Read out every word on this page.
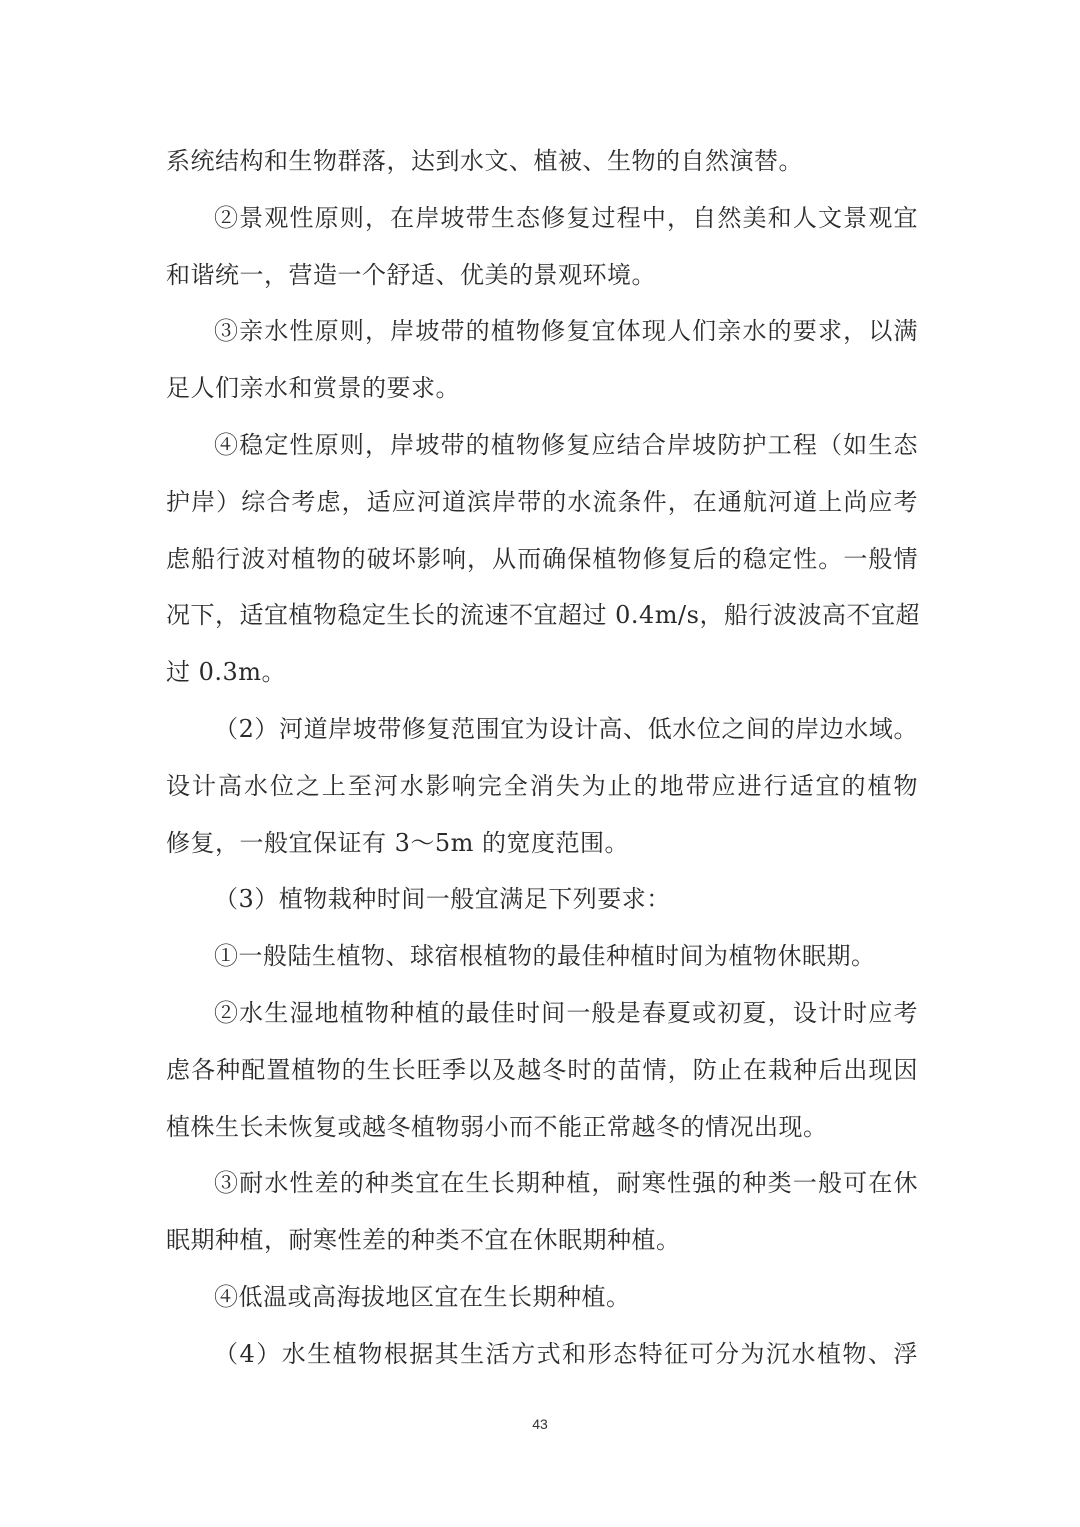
系统结构和生物群落，达到水文、植被、生物的自然演替。
②景观性原则，在岸坡带生态修复过程中，自然美和人文景观宜
和谐统一，营造一个舒适、优美的景观环境。
③亲水性原则，岸坡带的植物修复宜体现人们亲水的要求，以满
足人们亲水和赏景的要求。
④稳定性原则，岸坡带的植物修复应结合岸坡防护工程（如生态
护岸）综合考虑，适应河道滨岸带的水流条件，在通航河道上尚应考
虑船行波对植物的破坏影响，从而确保植物修复后的稳定性。一般情
况下，适宜植物稳定生长的流速不宜超过 0.4m/s，船行波波高不宜超
过 0.3m。
（2）河道岸坡带修复范围宜为设计高、低水位之间的岸边水域。
设计高水位之上至河水影响完全消失为止的地带应进行适宜的植物
修复，一般宜保证有 3～5m 的宽度范围。
（3）植物栽种时间一般宜满足下列要求：
①一般陆生植物、球宿根植物的最佳种植时间为植物休眠期。
②水生湿地植物种植的最佳时间一般是春夏或初夏，设计时应考
虑各种配置植物的生长旺季以及越冬时的苗情，防止在栽种后出现因
植株生长未恢复或越冬植物弱小而不能正常越冬的情况出现。
③耐水性差的种类宜在生长期种植，耐寒性强的种类一般可在休
眠期种植，耐寒性差的种类不宜在休眠期种植。
④低温或高海拔地区宜在生长期种植。
（4）水生植物根据其生活方式和形态特征可分为沉水植物、浮
43
